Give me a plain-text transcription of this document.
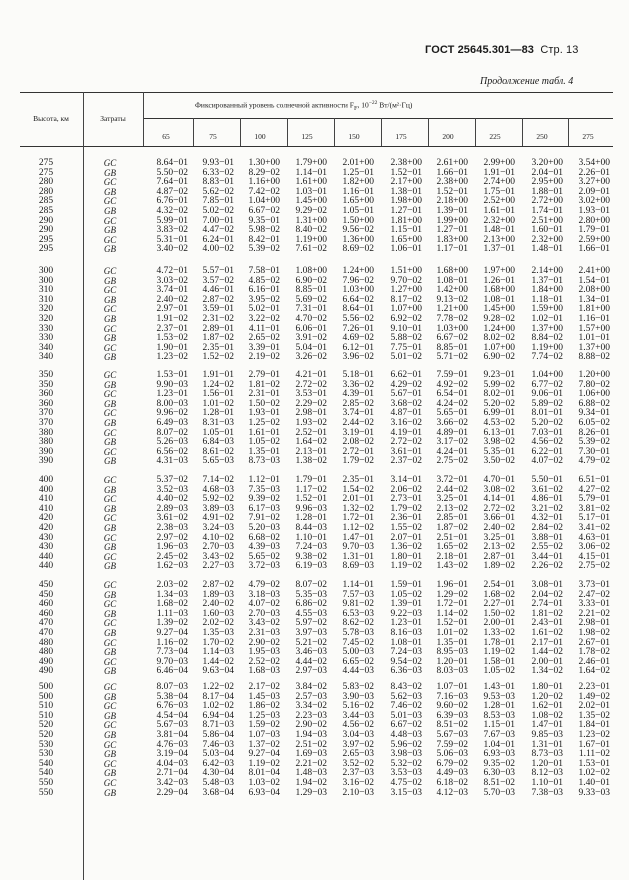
ГОСТ 25645.301—83 Стр. 13
Продолжение табл. 4
Высота, км	Затраты
Фиксированный уровень солнечной активности $F_F$, $10^{-22}$ Вт/(м²·Гц)
65	75	100	125	150	175	200	225	250	275
275	GC	8.64−01	9.93−01	1.30+00	1.79+00	2.01+00	2.38+00	2.61+00	2.99+00	3.20+00	3.54+00
275	GB	5.50−02	6.33−02	8.29−02	1.14−01	1.25−01	1.52−01	1.66−01	1.91−01	2.04−01	2.26−01
280	GC	7.64−01	8.83−01	1.16+00	1.61+00	1.82+00	2.17+00	2.38+00	2.74+00	2.95+00	3.27+00
280	GB	4.87−02	5.62−02	7.42−02	1.03−01	1.16−01	1.38−01	1.52−01	1.75−01	1.88−01	2.09−01
285	GC	6.76−01	7.85−01	1.04+00	1.45+00	1.65+00	1.98+00	2.18+00	2.52+00	2.72+00	3.02+00
285	GB	4.32−02	5.02−02	6.67−02	9.29−02	1.05−01	1.27−01	1.39−01	1.61−01	1.74−01	1.93−01
290	GC	5.99−01	7.00−01	9.35−01	1.31+00	1.50+00	1.81+00	1.99+00	2.32+00	2.51+00	2.80+00
290	GB	3.83−02	4.47−02	5.98−02	8.40−02	9.56−02	1.15−01	1.27−01	1.48−01	1.60−01	1.79−01
295	GC	5.31−01	6.24−01	8.42−01	1.19+00	1.36+00	1.65+00	1.83+00	2.13+00	2.32+00	2.59+00
295	GB	3.40−02	4.00−02	5.39−02	7.61−02	8.69−02	1.06−01	1.17−01	1.37−01	1.48−01	1.66−01
300	GC	4.72−01	5.57−01	7.58−01	1.08+00	1.24+00	1.51+00	1.68+00	1.97+00	2.14+00	2.41+00
300	GB	3.03−02	3.57−02	4.85−02	6.90−02	7.96−02	9.70−02	1.08−01	1.26−01	1.37−01	1.54−01
310	GC	3.74−01	4.46−01	6.16−01	8.85−01	1.03+00	1.27+00	1.42+00	1.68+00	1.84+00	2.08+00
310	GB	2.40−02	2.87−02	3.95−02	5.69−02	6.64−02	8.17−02	9.13−02	1.08−01	1.18−01	1.34−01
320	GC	2.97−01	3.59−01	5.02−01	7.31−01	8.64−01	1.07+00	1.21+00	1.45+00	1.59+00	1.81+00
320	GB	1.91−02	2.31−02	3.22−02	4.70−02	5.56−02	6.92−02	7.78−02	9.28−02	1.02−01	1.16−01
330	GC	2.37−01	2.89−01	4.11−01	6.06−01	7.26−01	9.10−01	1.03+00	1.24+00	1.37+00	1.57+00
330	GB	1.53−02	1.87−02	2.65−02	3.91−02	4.69−02	5.88−02	6.67−02	8.02−02	8.84−02	1.01−01
340	GC	1.90−01	2.35−01	3.39−01	5.04−01	6.12−01	7.75−01	8.85−01	1.07+00	1.19+00	1.37+00
340	GB	1.23−02	1.52−02	2.19−02	3.26−02	3.96−02	5.01−02	5.71−02	6.90−02	7.74−02	8.88−02
350	GC	1.53−01	1.91−01	2.79−01	4.21−01	5.18−01	6.62−01	7.59−01	9.23−01	1.04+00	1.20+00
350	GB	9.90−03	1.24−02	1.81−02	2.72−02	3.36−02	4.29−02	4.92−02	5.99−02	6.77−02	7.80−02
360	GC	1.23−01	1.56−01	2.31−01	3.53−01	4.39−01	5.67−01	6.54−01	8.02−01	9.06−01	1.06+00
360	GB	8.00−03	1.01−02	1.50−02	2.29−02	2.85−02	3.68−02	4.24−02	5.20−02	5.89−02	6.88−02
370	GC	9.96−02	1.28−01	1.93−01	2.98−01	3.74−01	4.87−01	5.65−01	6.99−01	8.01−01	9.34−01
370	GB	6.49−03	8.31−03	1.25−02	1.93−02	2.44−02	3.16−02	3.66−02	4.53−02	5.20−02	6.05−02
380	GC	8.07−02	1.05−01	1.61−01	2.52−01	3.19−01	4.19−01	4.89−01	6.13−01	7.03−01	8.26−01
380	GB	5.26−03	6.84−03	1.05−02	1.64−02	2.08−02	2.72−02	3.17−02	3.98−02	4.56−02	5.39−02
390	GC	6.56−02	8.61−02	1.35−01	2.13−01	2.72−01	3.61−01	4.24−01	5.35−01	6.22−01	7.30−01
390	GB	4.31−03	5.65−03	8.73−03	1.38−02	1.79−02	2.37−02	2.75−02	3.50−02	4.07−02	4.79−02
400	GC	5.37−02	7.14−02	1.12−01	1.79−01	2.35−01	3.14−01	3.72−01	4.70−01	5.50−01	6.51−01
400	GB	3.52−03	4.68−03	7.35−03	1.17−02	1.54−02	2.06−02	2.44−02	3.08−02	3.61−02	4.27−02
410	GC	4.40−02	5.92−02	9.39−02	1.52−01	2.01−01	2.73−01	3.25−01	4.14−01	4.86−01	5.79−01
410	GB	2.89−03	3.89−03	6.17−03	9.96−03	1.32−02	1.79−02	2.13−02	2.72−02	3.21−02	3.81−02
420	GC	3.61−02	4.91−02	7.91−02	1.28−01	1.72−01	2.36−01	2.85−01	3.66−01	4.32−01	5.17−01
420	GB	2.38−03	3.24−03	5.20−03	8.44−03	1.12−02	1.55−02	1.87−02	2.40−02	2.84−02	3.41−02
430	GC	2.97−02	4.10−02	6.68−02	1.10−01	1.47−01	2.07−01	2.51−01	3.25−01	3.88−01	4.63−01
430	GB	1.96−03	2.70−03	4.39−03	7.24−03	9.70−03	1.36−02	1.65−02	2.13−02	2.55−02	3.06−02
440	GC	2.45−02	3.43−02	5.65−02	9.38−02	1.31−01	1.80−01	2.18−01	2.87−01	3.44−01	4.15−01
440	GB	1.62−03	2.27−03	3.72−03	6.19−03	8.69−03	1.19−02	1.43−02	1.89−02	2.26−02	2.75−02
450	GC	2.03−02	2.87−02	4.79−02	8.07−02	1.14−01	1.59−01	1.96−01	2.54−01	3.08−01	3.73−01
450	GB	1.34−03	1.89−03	3.18−03	5.35−03	7.57−03	1.05−02	1.29−02	1.68−02	2.04−02	2.47−02
460	GC	1.68−02	2.40−02	4.07−02	6.86−02	9.81−02	1.39−01	1.72−01	2.27−01	2.74−01	3.33−01
460	GB	1.11−03	1.60−03	2.70−03	4.55−03	6.53−03	9.22−03	1.14−02	1.50−02	1.81−02	2.21−02
470	GC	1.39−02	2.02−02	3.43−02	5.97−02	8.62−02	1.23−01	1.52−01	2.00−01	2.43−01	2.98−01
470	GB	9.27−04	1.35−03	2.31−03	3.97−03	5.78−03	8.16−03	1.01−02	1.33−02	1.61−02	1.98−02
480	GC	1.16−02	1.70−02	2.90−02	5.21−02	7.45−02	1.08−01	1.35−01	1.78−01	2.17−01	2.67−01
480	GB	7.73−04	1.14−03	1.95−03	3.46−03	5.00−03	7.24−03	8.95−03	1.19−02	1.44−02	1.78−02
490	GC	9.70−03	1.44−02	2.52−02	4.44−02	6.65−02	9.54−02	1.20−01	1.58−01	2.00−01	2.46−01
490	GB	6.46−04	9.63−04	1.68−03	2.97−03	4.44−03	6.36−03	8.03−03	1.05−02	1.34−02	1.64−02
500	GC	8.07−03	1.22−02	2.17−02	3.84−02	5.83−02	8.43−02	1.07−01	1.43−01	1.80−01	2.23−01
500	GB	5.38−04	8.17−04	1.45−03	2.57−03	3.90−03	5.62−03	7.16−03	9.53−03	1.20−02	1.49−02
510	GC	6.76−03	1.02−02	1.86−02	3.34−02	5.16−02	7.46−02	9.60−02	1.28−01	1.62−01	2.02−01
510	GB	4.54−04	6.94−04	1.25−03	2.23−03	3.44−03	5.01−03	6.39−03	8.53−03	1.08−02	1.35−02
520	GC	5.67−03	8.71−03	1.59−02	2.90−02	4.56−02	6.67−02	8.51−02	1.15−01	1.47−01	1.84−01
520	GB	3.81−04	5.86−04	1.07−03	1.94−03	3.04−03	4.48−03	5.67−03	7.67−03	9.85−03	1.23−02
530	GC	4.76−03	7.46−03	1.37−02	2.51−02	3.97−02	5.96−02	7.59−02	1.04−01	1.31−01	1.67−01
530	GB	3.19−04	5.03−04	9.27−04	1.69−03	2.65−03	3.98−03	5.06−03	6.93−03	8.73−03	1.11−02
540	GC	4.04−03	6.42−03	1.19−02	2.21−02	3.52−02	5.32−02	6.79−02	9.35−02	1.20−01	1.53−01
540	GB	2.71−04	4.30−04	8.01−04	1.48−03	2.37−03	3.53−03	4.49−03	6.30−03	8.12−03	1.02−02
550	GC	3.42−03	5.48−03	1.03−02	1.94−02	3.16−02	4.75−02	6.18−02	8.51−02	1.10−01	1.40−01
550	GB	2.29−04	3.68−04	6.93−04	1.29−03	2.10−03	3.15−03	4.12−03	5.70−03	7.38−03	9.33−03
